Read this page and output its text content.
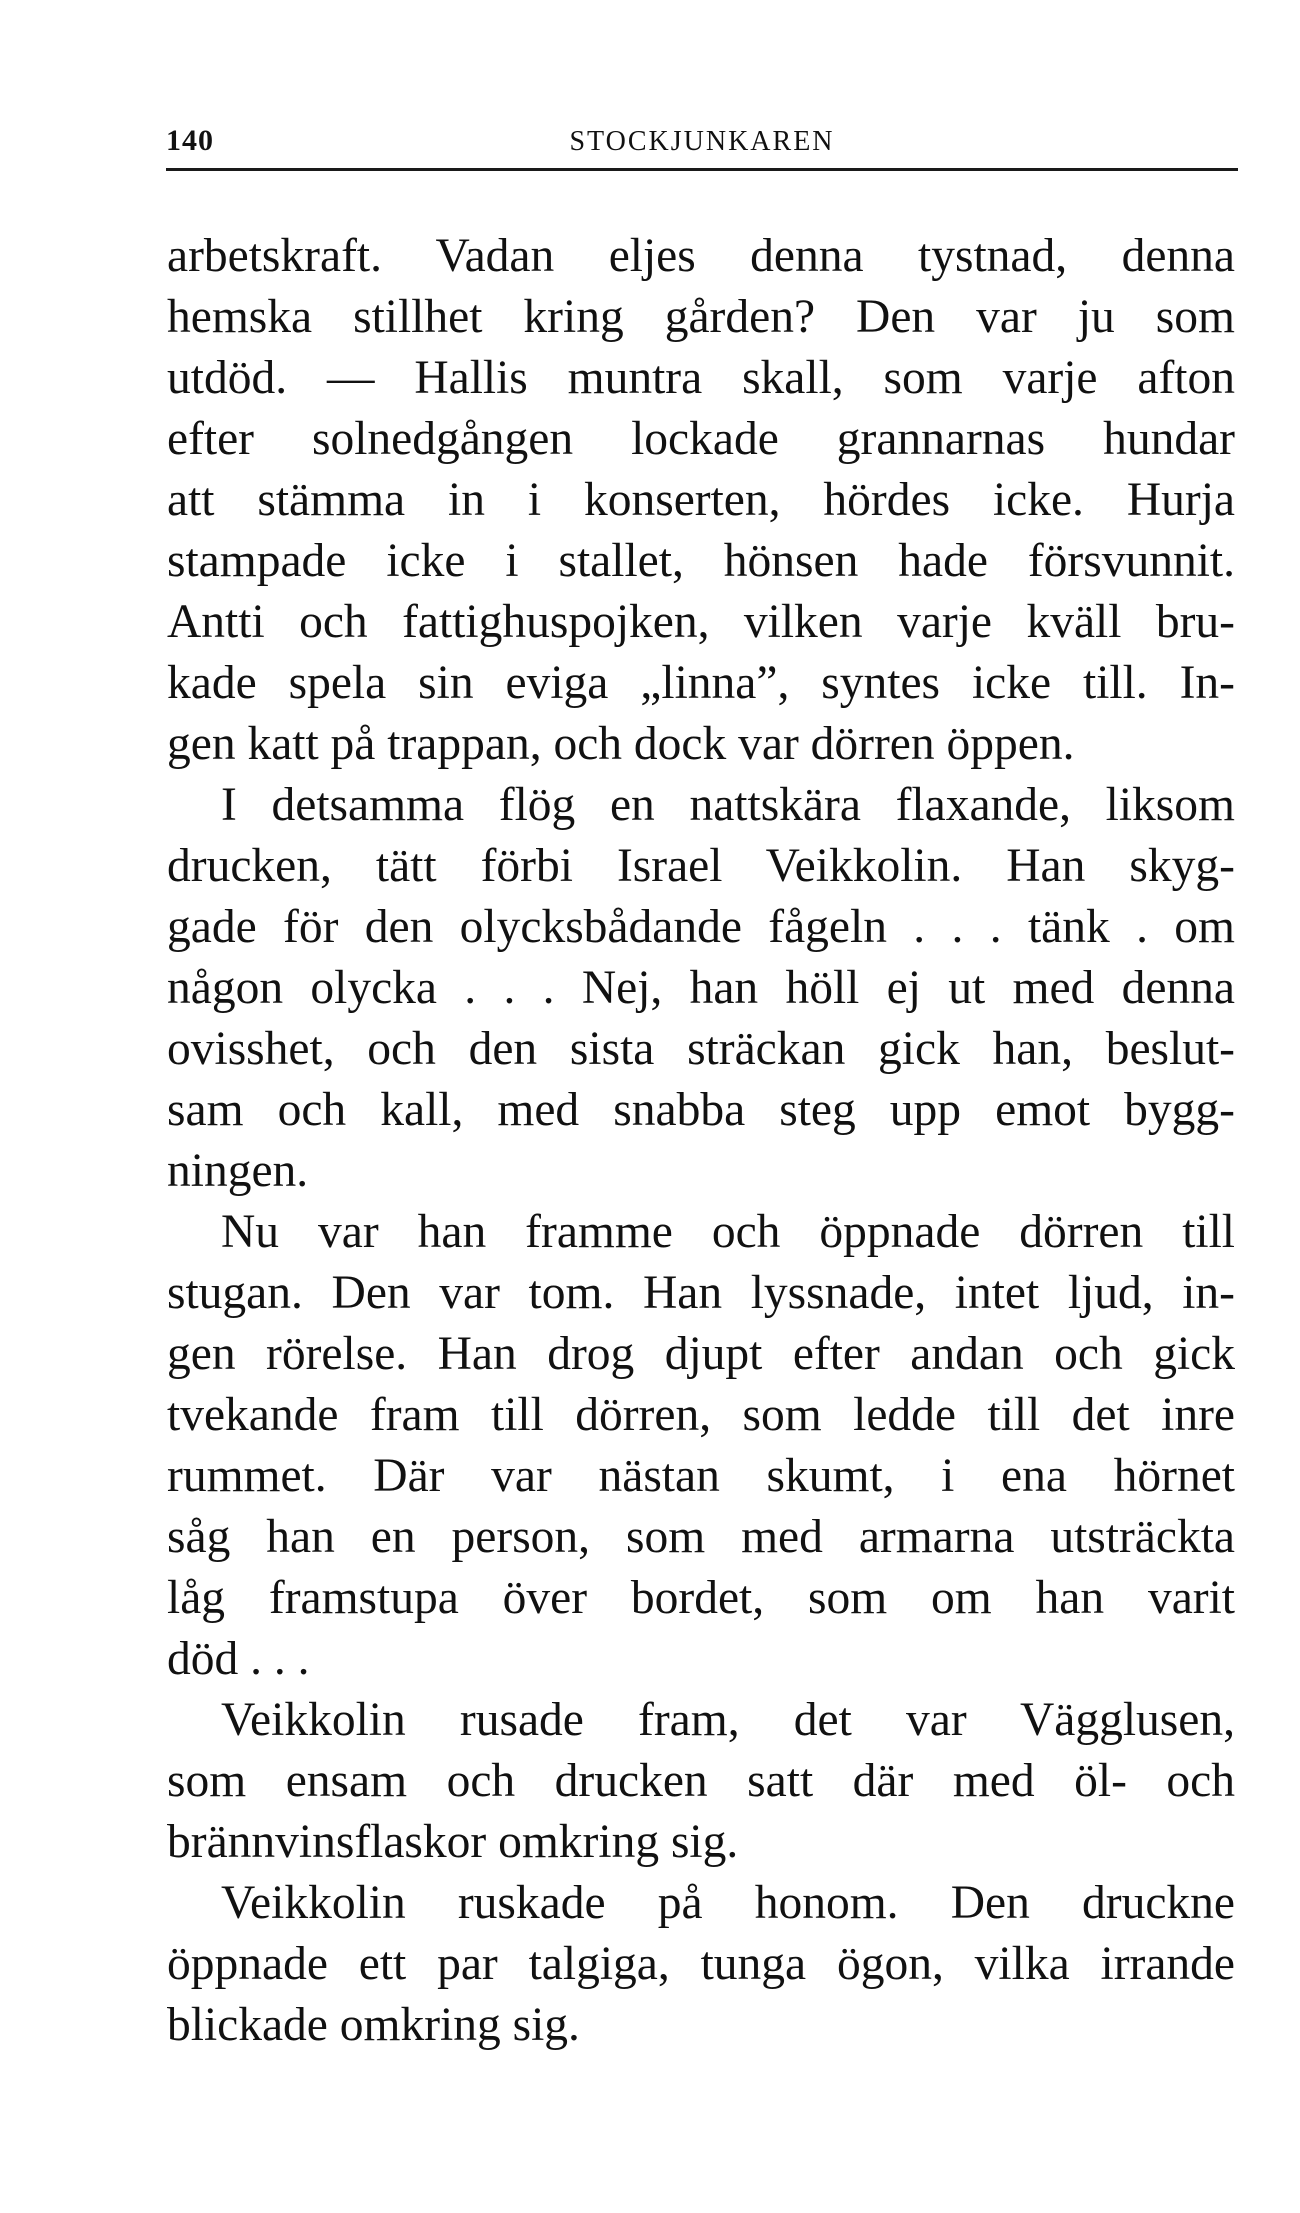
140	STOCKJUNKAREN
arbetskraft. Vadan eljes denna tystnad, denna
hemska stillhet kring gården? Den var ju som
utdöd. — Hallis muntra skall, som varje afton
efter solnedgången lockade grannarnas hundar
att stämma in i konserten, hördes icke. Hurja
stampade icke i stallet, hönsen hade försvunnit.
Antti och fattighuspojken, vilken varje kväll bru-
kade spela sin eviga „linna”, syntes icke till. In-
gen katt på trappan, och dock var dörren öppen.
I detsamma flög en nattskära flaxande, liksom
drucken, tätt förbi Israel Veikkolin. Han skyg-
gade för den olycksbådande fågeln . . . tänk . om
någon olycka . . . Nej, han höll ej ut med denna
ovisshet, och den sista sträckan gick han, beslut-
sam och kall, med snabba steg upp emot bygg-
ningen.
Nu var han framme och öppnade dörren till
stugan. Den var tom. Han lyssnade, intet ljud, in-
gen rörelse. Han drog djupt efter andan och gick
tvekande fram till dörren, som ledde till det inre
rummet. Där var nästan skumt, i ena hörnet
såg han en person, som med armarna utsträckta
låg framstupa över bordet, som om han varit
död . . .
Veikkolin rusade fram, det var Vägglusen,
som ensam och drucken satt där med öl- och
brännvinsflaskor omkring sig.
Veikkolin ruskade på honom. Den druckne
öppnade ett par talgiga, tunga ögon, vilka irrande
blickade omkring sig.
